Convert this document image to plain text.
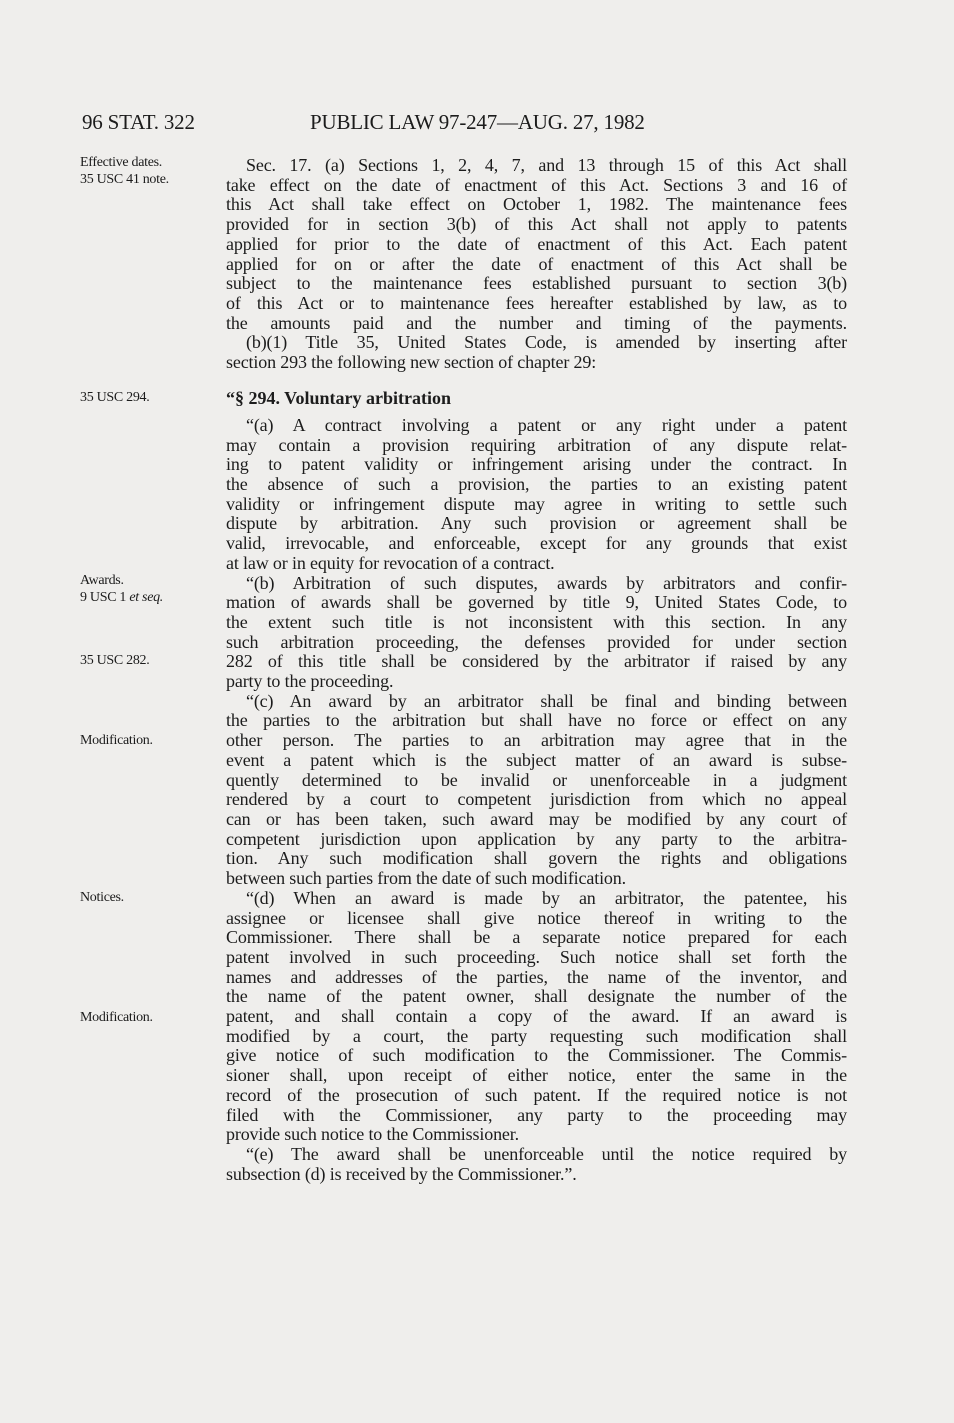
96 STAT. 322	PUBLIC LAW 97-247—AUG. 27, 1982
Effective dates.
35 USC 41 note.
35 USC 294.
Awards.
9 USC 1 et seq.
35 USC 282.
Modification.
Notices.
Modification.
Sec. 17. (a) Sections 1, 2, 4, 7, and 13 through 15 of this Act shall
take effect on the date of enactment of this Act. Sections 3 and 16 of
this Act shall take effect on October 1, 1982. The maintenance fees
provided for in section 3(b) of this Act shall not apply to patents
applied for prior to the date of enactment of this Act. Each patent
applied for on or after the date of enactment of this Act shall be
subject to the maintenance fees established pursuant to section 3(b)
of this Act or to maintenance fees hereafter established by law, as to
the amounts paid and the number and timing of the payments.
(b)(1) Title 35, United States Code, is amended by inserting after
section 293 the following new section of chapter 29:
“§ 294. Voluntary arbitration
“(a) A contract involving a patent or any right under a patent
may contain a provision requiring arbitration of any dispute relat-
ing to patent validity or infringement arising under the contract. In
the absence of such a provision, the parties to an existing patent
validity or infringement dispute may agree in writing to settle such
dispute by arbitration. Any such provision or agreement shall be
valid, irrevocable, and enforceable, except for any grounds that exist
at law or in equity for revocation of a contract.
“(b) Arbitration of such disputes, awards by arbitrators and confir-
mation of awards shall be governed by title 9, United States Code, to
the extent such title is not inconsistent with this section. In any
such arbitration proceeding, the defenses provided for under section
282 of this title shall be considered by the arbitrator if raised by any
party to the proceeding.
“(c) An award by an arbitrator shall be final and binding between
the parties to the arbitration but shall have no force or effect on any
other person. The parties to an arbitration may agree that in the
event a patent which is the subject matter of an award is subse-
quently determined to be invalid or unenforceable in a judgment
rendered by a court to competent jurisdiction from which no appeal
can or has been taken, such award may be modified by any court of
competent jurisdiction upon application by any party to the arbitra-
tion. Any such modification shall govern the rights and obligations
between such parties from the date of such modification.
“(d) When an award is made by an arbitrator, the patentee, his
assignee or licensee shall give notice thereof in writing to the
Commissioner. There shall be a separate notice prepared for each
patent involved in such proceeding. Such notice shall set forth the
names and addresses of the parties, the name of the inventor, and
the name of the patent owner, shall designate the number of the
patent, and shall contain a copy of the award. If an award is
modified by a court, the party requesting such modification shall
give notice of such modification to the Commissioner. The Commis-
sioner shall, upon receipt of either notice, enter the same in the
record of the prosecution of such patent. If the required notice is not
filed with the Commissioner, any party to the proceeding may
provide such notice to the Commissioner.
“(e) The award shall be unenforceable until the notice required by
subsection (d) is received by the Commissioner.”.
